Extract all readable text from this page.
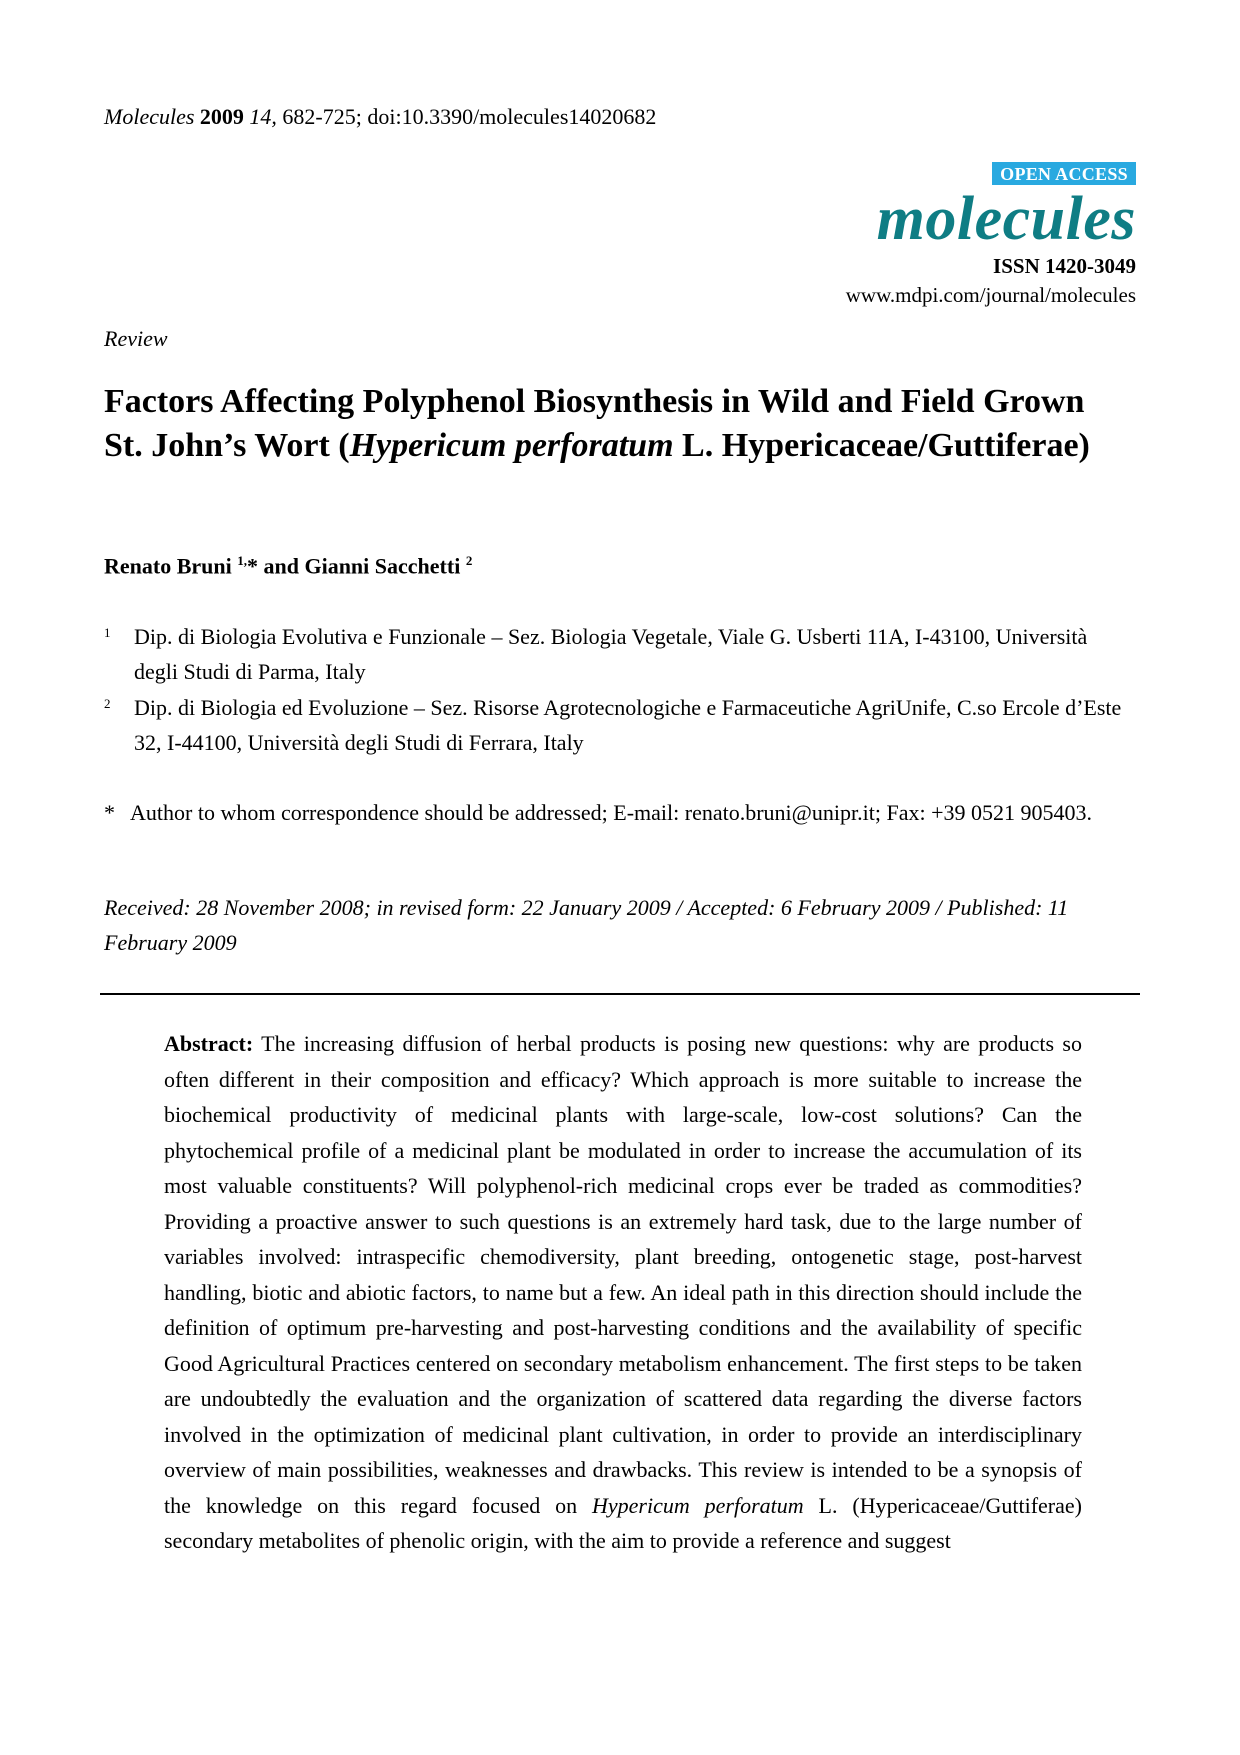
Molecules 2009 14, 682-725; doi:10.3390/molecules14020682
OPEN ACCESS
molecules
ISSN 1420-3049
www.mdpi.com/journal/molecules
Review
Factors Affecting Polyphenol Biosynthesis in Wild and Field Grown St. John’s Wort (Hypericum perforatum L. Hypericaceae/Guttiferae)
Renato Bruni $^{1,}$* and Gianni Sacchetti $^2$
1 Dip. di Biologia Evolutiva e Funzionale – Sez. Biologia Vegetale, Viale G. Usberti 11A, I-43100, Università degli Studi di Parma, Italy
2 Dip. di Biologia ed Evoluzione – Sez. Risorse Agrotecnologiche e Farmaceutiche AgriUnife, C.so Ercole d’Este 32, I-44100, Università degli Studi di Ferrara, Italy
* Author to whom correspondence should be addressed; E-mail: renato.bruni@unipr.it; Fax: +39 0521 905403.
Received: 28 November 2008; in revised form: 22 January 2009 / Accepted: 6 February 2009 / Published: 11 February 2009
Abstract: The increasing diffusion of herbal products is posing new questions: why are products so often different in their composition and efficacy? Which approach is more suitable to increase the biochemical productivity of medicinal plants with large-scale, low-cost solutions? Can the phytochemical profile of a medicinal plant be modulated in order to increase the accumulation of its most valuable constituents? Will polyphenol-rich medicinal crops ever be traded as commodities? Providing a proactive answer to such questions is an extremely hard task, due to the large number of variables involved: intraspecific chemodiversity, plant breeding, ontogenetic stage, post-harvest handling, biotic and abiotic factors, to name but a few. An ideal path in this direction should include the definition of optimum pre-harvesting and post-harvesting conditions and the availability of specific Good Agricultural Practices centered on secondary metabolism enhancement. The first steps to be taken are undoubtedly the evaluation and the organization of scattered data regarding the diverse factors involved in the optimization of medicinal plant cultivation, in order to provide an interdisciplinary overview of main possibilities, weaknesses and drawbacks. This review is intended to be a synopsis of the knowledge on this regard focused on Hypericum perforatum L. (Hypericaceae/Guttiferae) secondary metabolites of phenolic origin, with the aim to provide a reference and suggest
